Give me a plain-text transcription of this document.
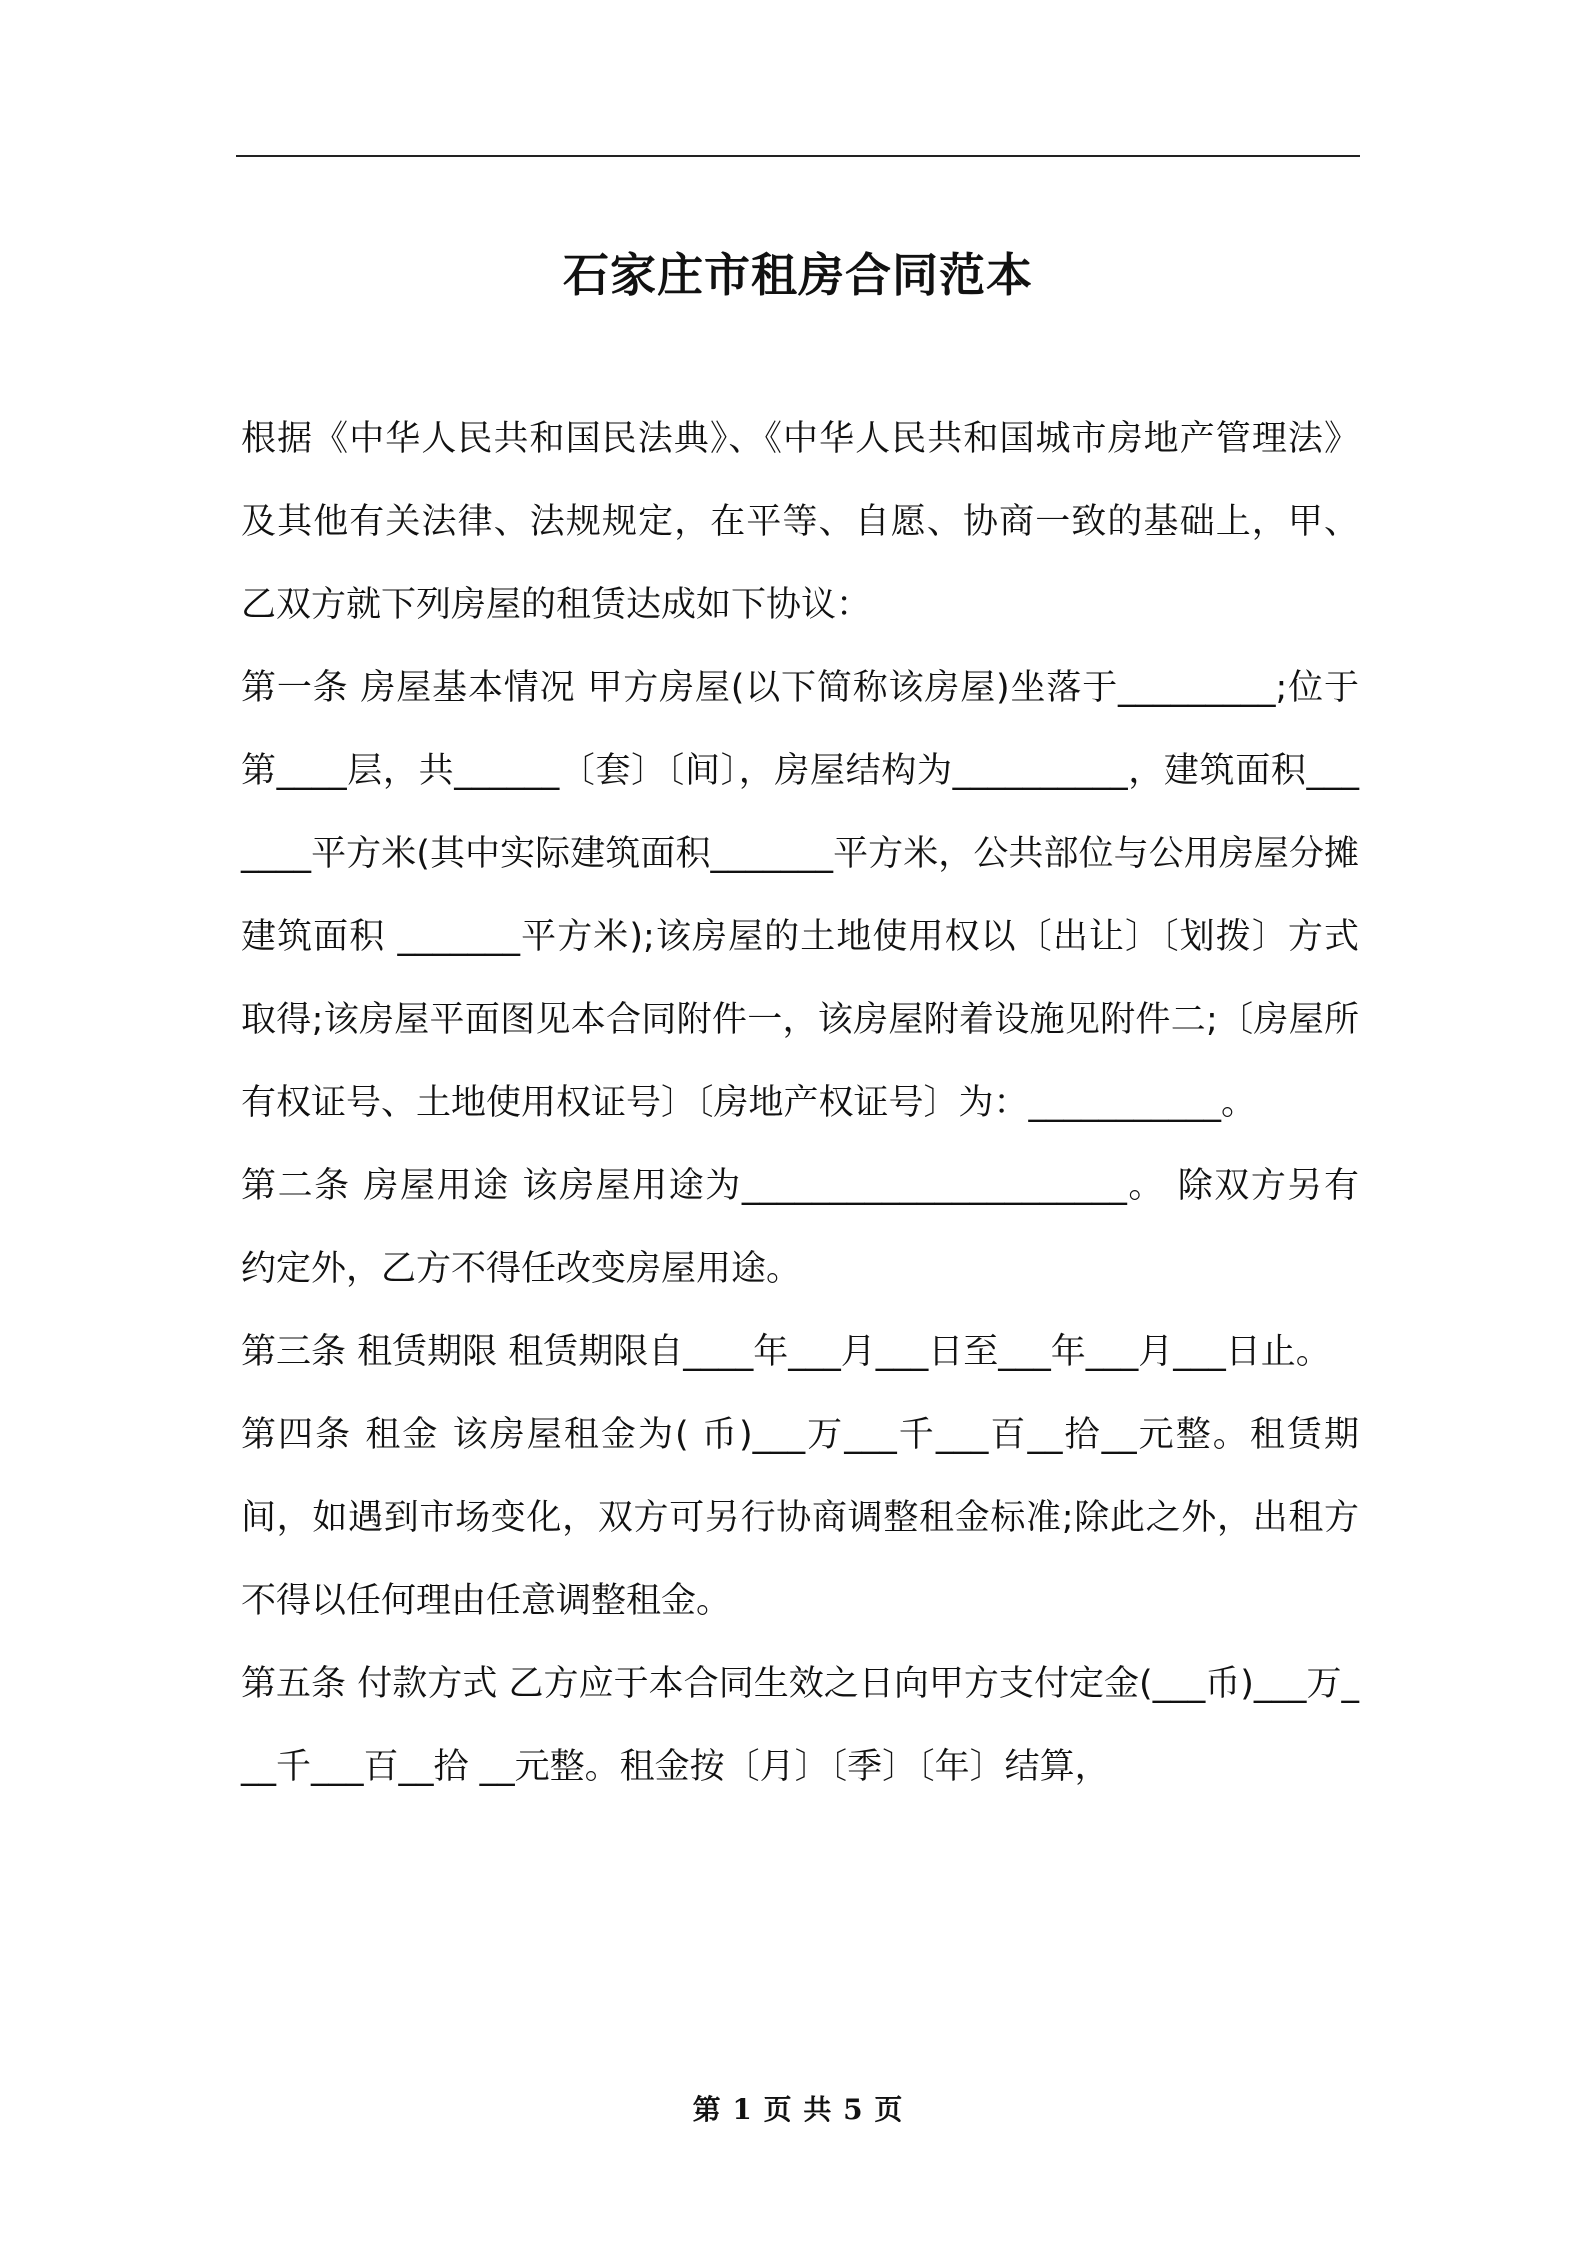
石家庄市租房合同范本

根据《中华人民共和国民法典》、《中华人民共和国城市房地产管理法》及其他有关法律、法规规定，在平等、自愿、协商一致的基础上，甲、乙双方就下列房屋的租赁达成如下协议：

第一条 房屋基本情况 甲方房屋(以下简称该房屋)坐落于_________;位于第____层，共______〔套〕〔间〕，房屋结构为__________，建筑面积_______平方米(其中实际建筑面积_______平方米，公共部位与公用房屋分摊建筑面积 _______平方米);该房屋的土地使用权以〔出让〕〔划拨〕方式取得;该房屋平面图见本合同附件一，该房屋附着设施见附件二;〔房屋所有权证号、土地使用权证号〕〔房地产权证号〕为：___________。

第二条 房屋用途 该房屋用途为______________________。 除双方另有约定外，乙方不得任改变房屋用途。

第三条 租赁期限 租赁期限自____年___月___日至___年___月___日止。

第四条 租金 该房屋租金为( 币)___万___千___百__拾__元整。租赁期间，如遇到市场变化，双方可另行协商调整租金标准;除此之外，出租方不得以任何理由任意调整租金。

第五条 付款方式 乙方应于本合同生效之日向甲方支付定金(___币)___万___千___百__拾 __元整。租金按〔月〕〔季〕〔年〕结算，

第 1 页 共 5 页
